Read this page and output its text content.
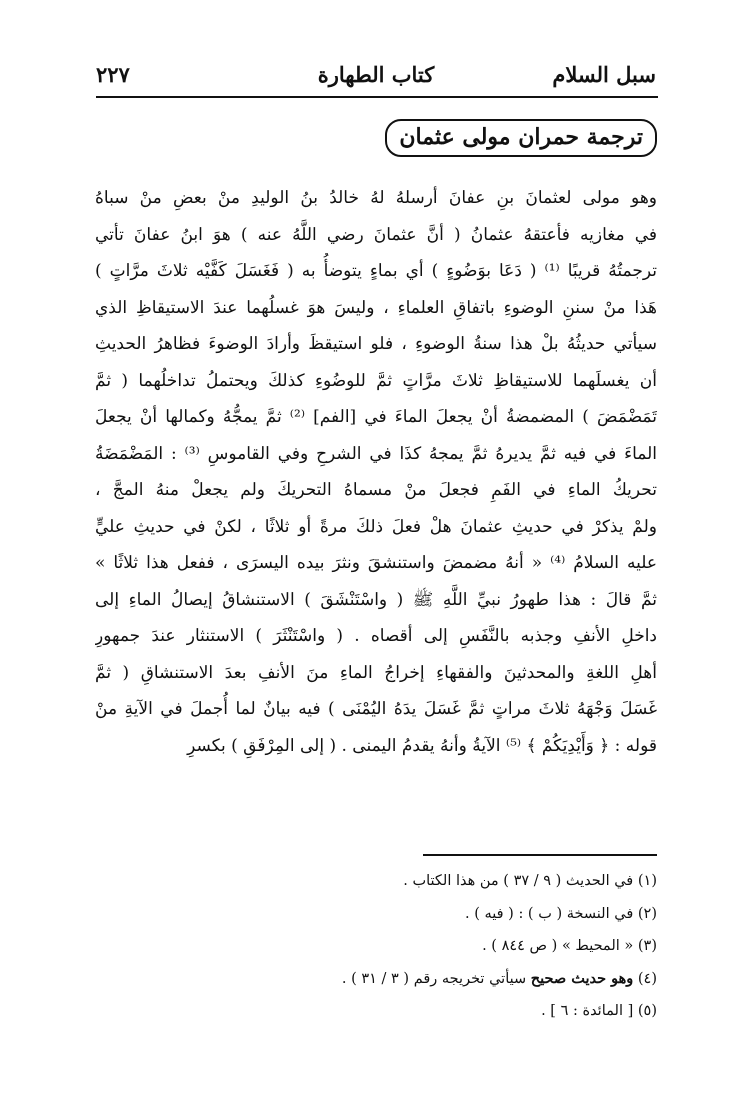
سبل السلام
كتاب الطهارة
٢٢٧
ترجمة حمران مولى عثمان
وهو مولى لعثمانَ بنِ عفانَ أرسلهُ لهُ خالدُ بنُ الوليدِ منْ بعضِ منْ سباهُ
في مغازيه فأعتقهُ عثمانُ ( أنَّ عثمانَ رضي اللَّهُ عنه ) هوَ ابنُ عفانَ تأتي
ترجمتُهُ قريبًا ⁽¹⁾ ( دَعَا بوَضُوءٍ ) أي بماءٍ يتوضأُ به ( فَغَسَلَ كَفَّيْه ثلاثَ مرَّاتٍ )
هَذا منْ سننِ الوضوءِ باتفاقِ العلماءِ ، وليسَ هوَ غسلُهما عندَ الاستيقاظِ الذي
سيأتي حديثُهُ بلْ هذا سنةُ الوضوءِ ، فلو استيقظَ وأرادَ الوضوءَ فظاهرُ الحديثِ
أن يغسلَهما للاستيقاظِ ثلاثَ مرَّاتٍ ثمَّ للوضُوءِ كذلكَ ويحتملُ تداخلُهما ( ثمَّ
تَمَضْمَضَ ) المضمضةُ أنْ يجعلَ الماءَ في [الفم] ⁽²⁾ ثمَّ يمجُّهُ وكمالها أنْ يجعلَ
الماءَ في فيه ثمَّ يديرهُ ثمَّ يمجهُ كذَا في الشرحِ وفي القاموسِ ⁽³⁾ : المَضْمَضَةُ
تحريكُ الماءِ في الفَمِ فجعلَ منْ مسماهُ التحريكَ ولم يجعلْ منهُ المجَّ ،
ولمْ يذكرْ في حديثِ عثمانَ هلْ فعلَ ذلكَ مرةً أو ثلاثًا ، لكنْ في حديثِ عليٍّ
عليه السلامُ ⁽⁴⁾ « أنهُ مضمضَ واستنشقَ ونثرَ بيده اليسرَى ، ففعل هذا ثلاثًا »
ثمَّ قالَ : هذا طهورُ نبيِّ اللَّهِ ﷺ ( واسْتَنْشَقَ ) الاستنشاقُ إيصالُ الماءِ إلى
داخلِ الأنفِ وجذبه بالنَّفَسِ إلى أقصاه . ( واسْتَنْثَرَ ) الاستنثار عندَ جمهورِ
أهلِ اللغةِ والمحدثينَ والفقهاءِ إخراجُ الماءِ منَ الأنفِ بعدَ الاستنشاقِ ( ثمَّ
غَسَلَ وَجْهَهُ ثلاثَ مراتٍ ثمَّ غَسَلَ يدَهُ اليُمْنَى ) فيه بيانٌ لما أُجملَ في الآيةِ منْ
قوله : ﴿ وَأَيْدِيَكُمْ ﴾ ⁽⁵⁾ الآيةُ وأنهُ يقدمُ اليمنى . ( إلى المِرْفَقِ ) بكسرِ
(١) في الحديث ( ٩ / ٣٧ ) من هذا الكتاب .
(٢) في النسخة ( ب ) : ( فيه ) .
(٣) « المحيط » ( ص ٨٤٤ ) .
(٤) وهو حديث صحيح سيأتي تخريجه رقم ( ٣ / ٣١ ) .
(٥) [ المائدة : ٦ ] .
